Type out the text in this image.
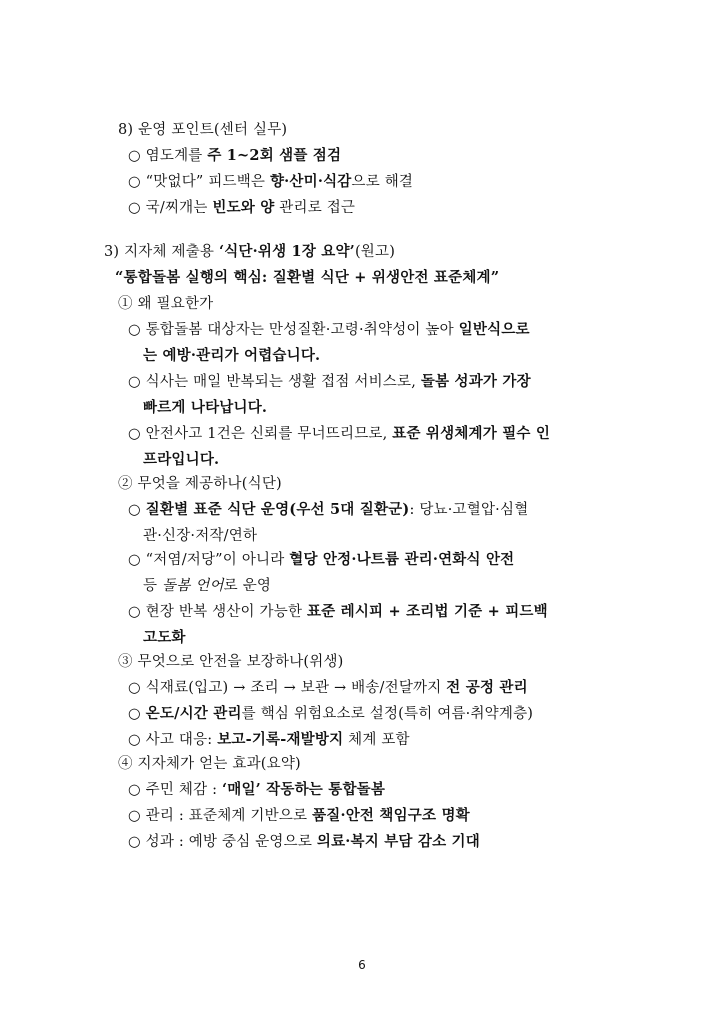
8) 운영 포인트(센터 실무)
○ 염도계를 주 1~2회 샘플 점검
○ “맛없다” 피드백은 향·산미·식감으로 해결
○ 국/찌개는 빈도와 양 관리로 접근
3) 지자체 제출용 ‘식단·위생 1장 요약’(원고)
“통합돌봄 실행의 핵심: 질환별 식단 + 위생안전 표준체계”
① 왜 필요한가
○ 통합돌봄 대상자는 만성질환·고령·취약성이 높아 일반식으로
는 예방·관리가 어렵습니다.
○ 식사는 매일 반복되는 생활 접점 서비스로, 돌봄 성과가 가장
빠르게 나타납니다.
○ 안전사고 1건은 신뢰를 무너뜨리므로, 표준 위생체계가 필수 인
프라입니다.
② 무엇을 제공하나(식단)
○ 질환별 표준 식단 운영(우선 5대 질환군): 당뇨·고혈압·심혈
관·신장·저작/연하
○ “저염/저당”이 아니라 혈당 안정·나트륨 관리·연화식 안전
등 돌봄 언어로 운영
○ 현장 반복 생산이 가능한 표준 레시피 + 조리법 기준 + 피드백
고도화
③ 무엇으로 안전을 보장하나(위생)
○ 식재료(입고) → 조리 → 보관 → 배송/전달까지 전 공정 관리
○ 온도/시간 관리를 핵심 위험요소로 설정(특히 여름·취약계층)
○ 사고 대응: 보고-기록-재발방지 체계 포함
④ 지자체가 얻는 효과(요약)
○ 주민 체감 : ‘매일’ 작동하는 통합돌봄
○ 관리 : 표준체계 기반으로 품질·안전 책임구조 명확
○ 성과 : 예방 중심 운영으로 의료·복지 부담 감소 기대
6
